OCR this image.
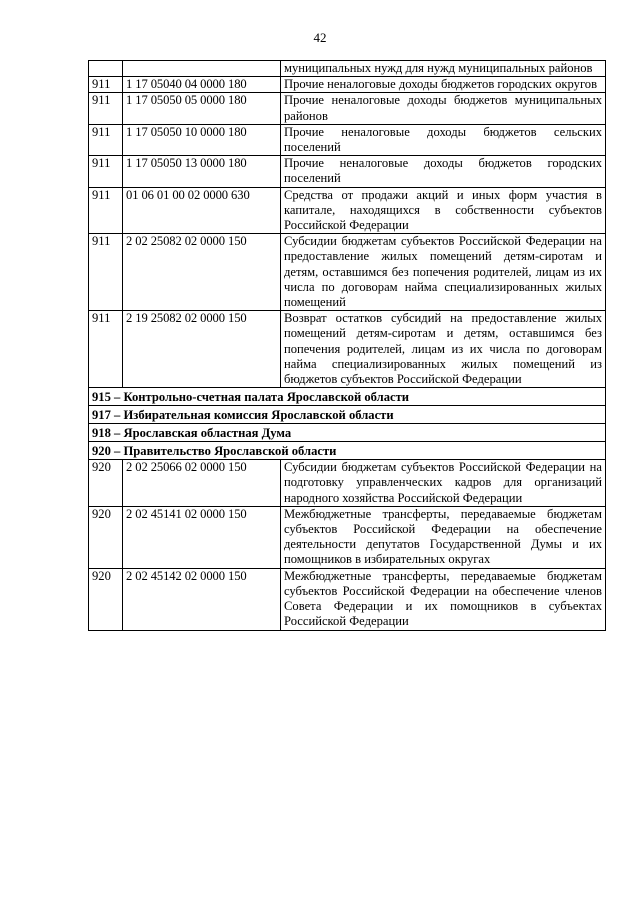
42
		муниципальных нужд для нужд муниципальных районов
911	1 17 05040 04 0000 180	Прочие неналоговые доходы бюджетов городских округов
911	1 17 05050 05 0000 180	Прочие неналоговые доходы бюджетов муниципальных районов
911	1 17 05050 10 0000 180	Прочие неналоговые доходы бюджетов сельских поселений
911	1 17 05050 13 0000 180	Прочие неналоговые доходы бюджетов городских поселений
911	01 06 01 00 02 0000 630	Средства от продажи акций и иных форм участия в капитале, находящихся в собственности субъектов Российской Федерации
911	2 02 25082 02 0000 150	Субсидии бюджетам субъектов Российской Федерации на предоставление жилых помещений детям-сиротам и детям, оставшимся без попечения родителей, лицам из их числа по договорам найма специализированных жилых помещений
911	2 19 25082 02 0000 150	Возврат остатков субсидий на предоставление жилых помещений детям-сиротам и детям, оставшимся без попечения родителей, лицам из их числа по договорам найма специализированных жилых помещений из бюджетов субъектов Российской Федерации
915 – Контрольно-счетная палата Ярославской области		
917 – Избирательная комиссия Ярославской области		
918 – Ярославская областная Дума		
920 – Правительство Ярославской области		
920	2 02 25066 02 0000 150	Субсидии бюджетам субъектов Российской Федерации на подготовку управленческих кадров для организаций народного хозяйства Российской Федерации
920	2 02 45141 02 0000 150	Межбюджетные трансферты, передаваемые бюджетам субъектов Российской Федерации на обеспечение деятельности депутатов Государственной Думы и их помощников в избирательных округах
920	2 02 45142 02 0000 150	Межбюджетные трансферты, передаваемые бюджетам субъектов Российской Федерации на обеспечение членов Совета Федерации и их помощников в субъектах Российской Федерации
